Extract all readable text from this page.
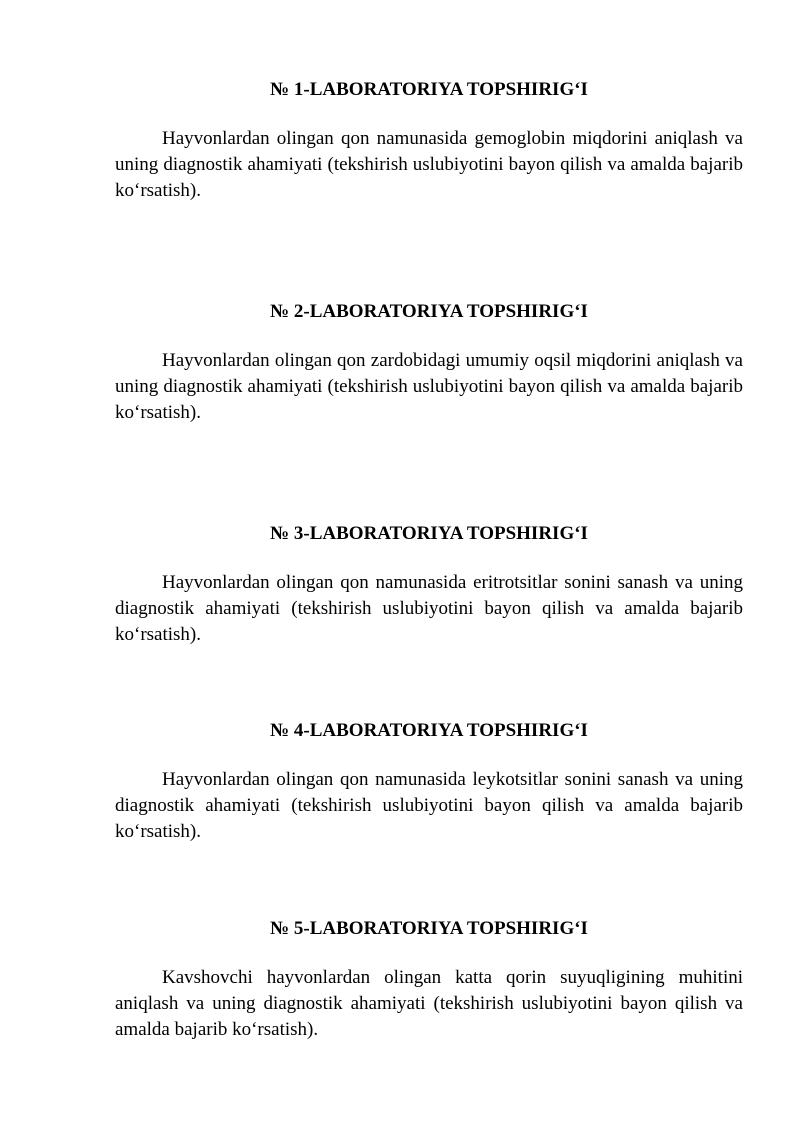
№ 1-LABORATORIYA TOPSHIRIG‘I

Hayvonlardan olingan qon namunasida gemoglobin miqdorini aniqlash va uning diagnostik ahamiyati (tekshirish uslubiyotini bayon qilish va amalda bajarib ko‘rsatish).

№ 2-LABORATORIYA TOPSHIRIG‘I

Hayvonlardan olingan qon zardobidagi umumiy oqsil miqdorini aniqlash va uning diagnostik ahamiyati (tekshirish uslubiyotini bayon qilish va amalda bajarib ko‘rsatish).

№ 3-LABORATORIYA TOPSHIRIG‘I

Hayvonlardan olingan qon namunasida eritrotsitlar sonini sanash va uning diagnostik ahamiyati (tekshirish uslubiyotini bayon qilish va amalda bajarib ko‘rsatish).

№ 4-LABORATORIYA TOPSHIRIG‘I

Hayvonlardan olingan qon namunasida leykotsitlar sonini sanash va uning diagnostik ahamiyati (tekshirish uslubiyotini bayon qilish va amalda bajarib ko‘rsatish).

№ 5-LABORATORIYA TOPSHIRIG‘I

Kavshovchi hayvonlardan olingan katta qorin suyuqligining muhitini aniqlash va uning diagnostik ahamiyati (tekshirish uslubiyotini bayon qilish va amalda bajarib ko‘rsatish).
